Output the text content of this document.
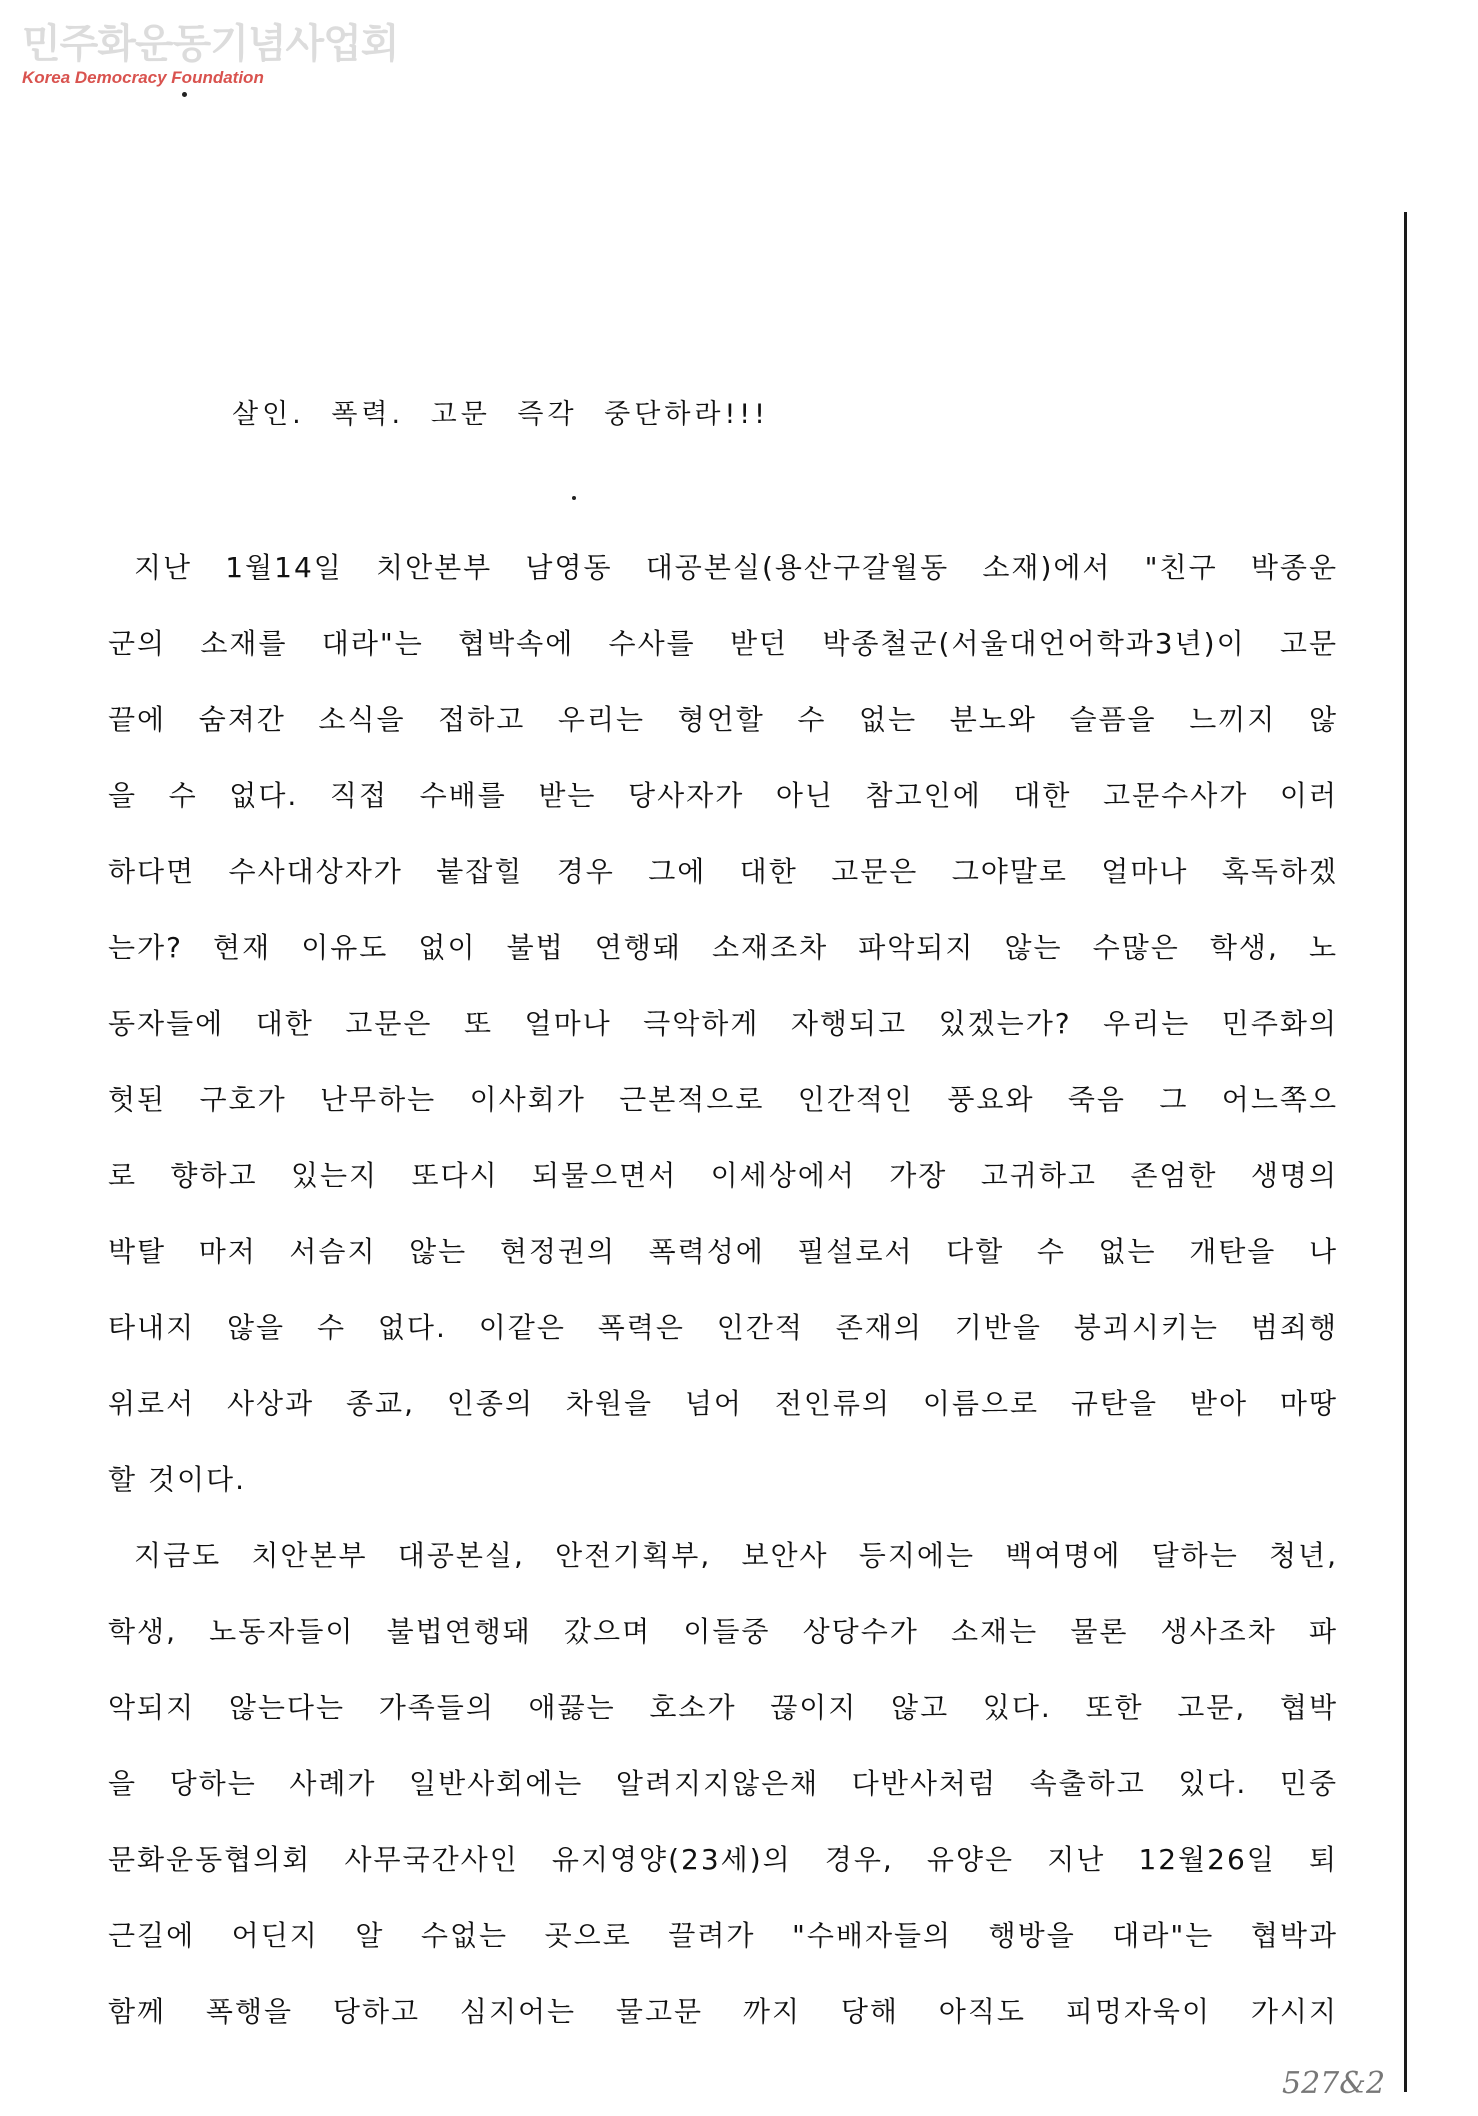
민주화운동기념사업회
Korea Democracy Foundation
살인. 폭력. 고문 즉각 중단하라!!!
지난 1월14일 치안본부 남영동 대공본실(용산구갈월동 소재)에서 "친구 박종운
군의 소재를 대라"는 협박속에 수사를 받던 박종철군(서울대언어학과3년)이 고문
끝에 숨져간 소식을 접하고 우리는 형언할 수 없는 분노와 슬픔을 느끼지 않
을 수 없다. 직접 수배를 받는 당사자가 아닌 참고인에 대한 고문수사가 이러
하다면 수사대상자가 붙잡힐 경우 그에 대한 고문은 그야말로 얼마나 혹독하겠
는가? 현재 이유도 없이 불법 연행돼 소재조차 파악되지 않는 수많은 학생, 노
동자들에 대한 고문은 또 얼마나 극악하게 자행되고 있겠는가? 우리는 민주화의
헛된 구호가 난무하는 이사회가 근본적으로 인간적인 풍요와 죽음 그 어느쪽으
로 향하고 있는지 또다시 되물으면서 이세상에서 가장 고귀하고 존엄한 생명의
박탈 마저 서슴지 않는 현정권의 폭력성에 필설로서 다할 수 없는 개탄을 나
타내지 않을 수 없다. 이같은 폭력은 인간적 존재의 기반을 붕괴시키는 범죄행
위로서 사상과 종교, 인종의 차원을 넘어 전인류의 이름으로 규탄을 받아 마땅
할 것이다.
지금도 치안본부 대공본실, 안전기획부, 보안사 등지에는 백여명에 달하는 청년,
학생, 노동자들이 불법연행돼 갔으며 이들중 상당수가 소재는 물론 생사조차 파
악되지 않는다는 가족들의 애끓는 호소가 끊이지 않고 있다. 또한 고문, 협박
을 당하는 사례가 일반사회에는 알려지지않은채 다반사처럼 속출하고 있다. 민중
문화운동협의회 사무국간사인 유지영양(23세)의 경우, 유양은 지난 12월26일 퇴
근길에 어딘지 알 수없는 곳으로 끌려가 "수배자들의 행방을 대라"는 협박과
함께 폭행을 당하고 심지어는 물고문 까지 당해 아직도 피멍자욱이 가시지
527&2
